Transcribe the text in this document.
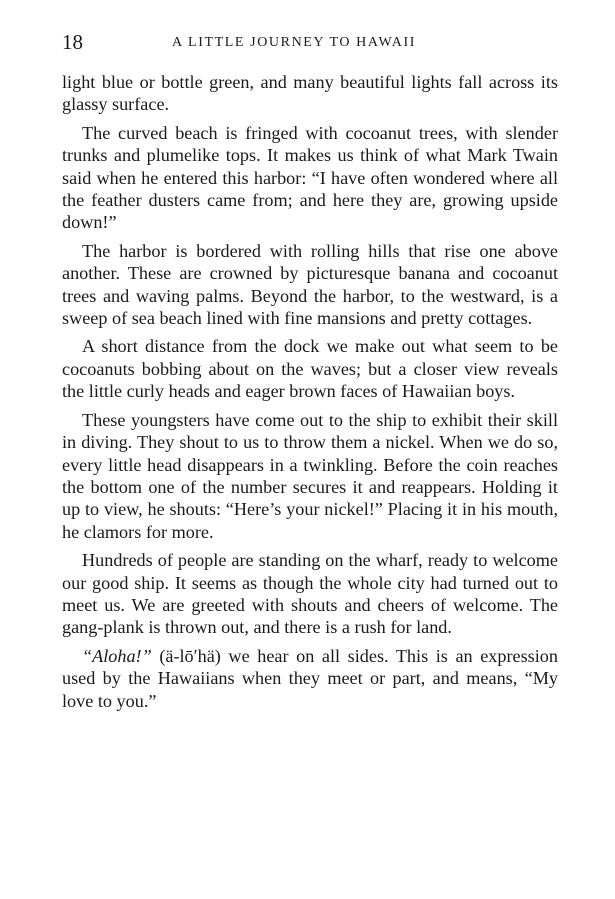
18	A LITTLE JOURNEY TO HAWAII

light blue or bottle green, and many beautiful lights fall across its glassy surface.

The curved beach is fringed with cocoanut trees, with slender trunks and plumelike tops. It makes us think of what Mark Twain said when he entered this harbor: “I have often wondered where all the feather dusters came from; and here they are, growing upside down!”

The harbor is bordered with rolling hills that rise one above another. These are crowned by picturesque banana and cocoanut trees and waving palms. Beyond the harbor, to the westward, is a sweep of sea beach lined with fine mansions and pretty cottages.

A short distance from the dock we make out what seem to be cocoanuts bobbing about on the waves; but a closer view reveals the little curly heads and eager brown faces of Hawaiian boys.

These youngsters have come out to the ship to exhibit their skill in diving. They shout to us to throw them a nickel. When we do so, every little head disappears in a twinkling. Before the coin reaches the bottom one of the number secures it and reappears. Holding it up to view, he shouts: “Here’s your nickel!” Placing it in his mouth, he clamors for more.

Hundreds of people are standing on the wharf, ready to welcome our good ship. It seems as though the whole city had turned out to meet us. We are greeted with shouts and cheers of welcome. The gang-plank is thrown out, and there is a rush for land.

“Aloha!” (ä-lō′hä) we hear on all sides. This is an expression used by the Hawaiians when they meet or part, and means, “My love to you.”
